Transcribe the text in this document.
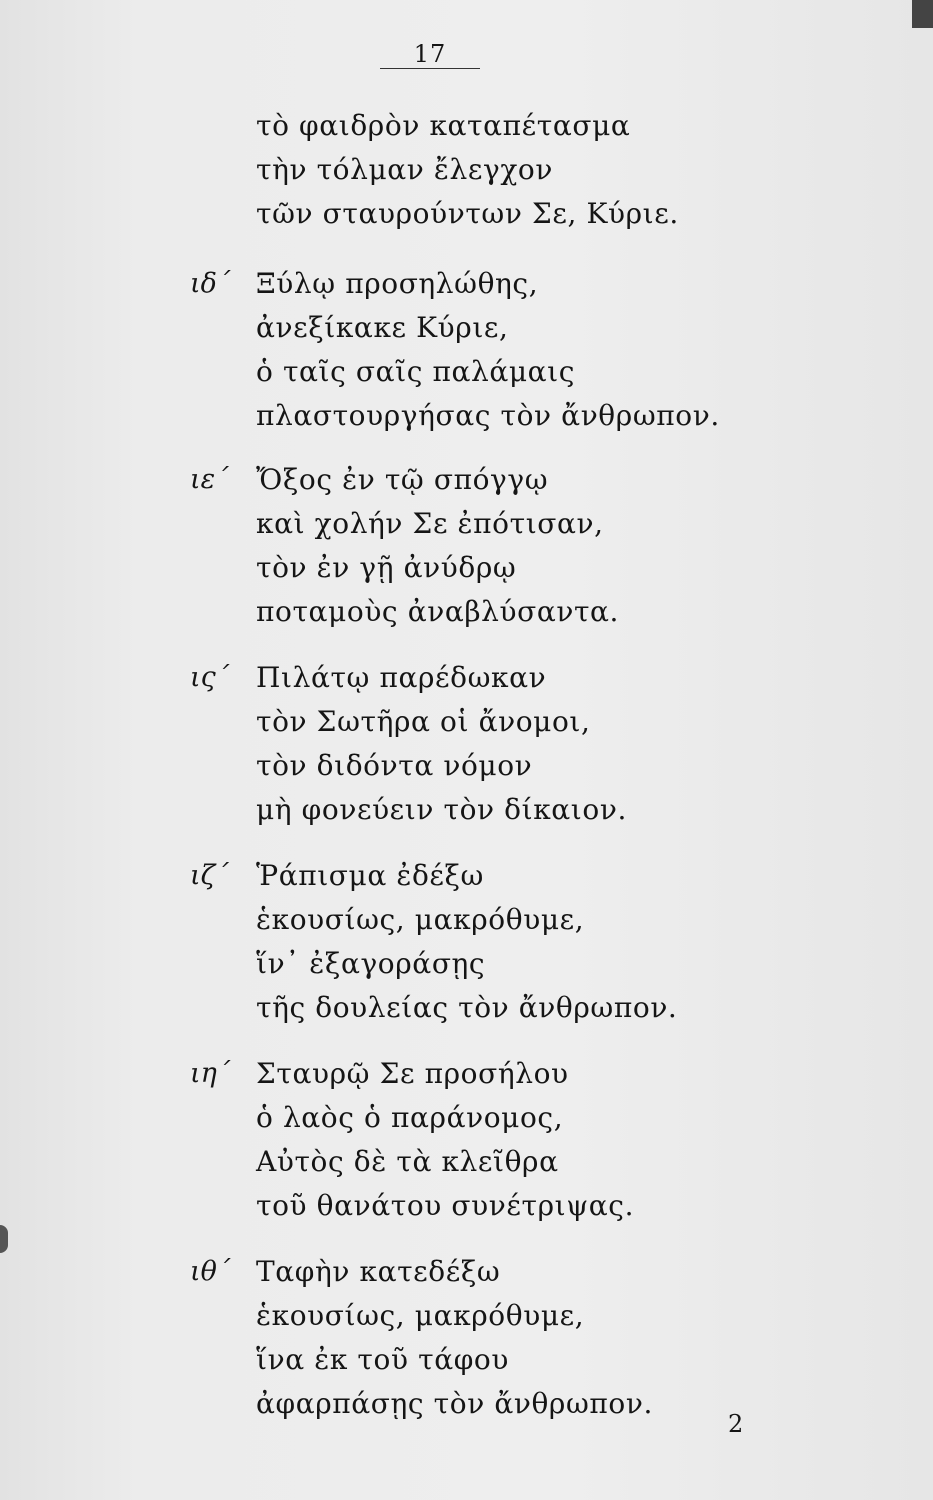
17
τὸ φαιδρὸν καταπέτασμα
τὴν τόλμαν ἔλεγχον
τῶν σταυρούντων Σε, Κύριε.
ιδ΄ Ξύλῳ προσηλώθης,
ἀνεξίκακε Κύριε,
ὁ ταῖς σαῖς παλάμαις
πλαστουργήσας τὸν ἄνθρωπον.
ιε΄ Ὄξος ἐν τῷ σπόγγῳ
καὶ χολήν Σε ἐπότισαν,
τὸν ἐν γῇ ἀνύδρῳ
ποταμοὺς ἀναβλύσαντα.
ις΄ Πιλάτῳ παρέδωκαν
τὸν Σωτῆρα οἱ ἄνομοι,
τὸν διδόντα νόμον
μὴ φονεύειν τὸν δίκαιον.
ιζ΄ Ῥάπισμα ἐδέξω
ἑκουσίως, μακρόθυμε,
ἵν᾽ ἐξαγοράσῃς
τῆς δουλείας τὸν ἄνθρωπον.
ιη΄ Σταυρῷ Σε προσήλου
ὁ λαὸς ὁ παράνομος,
Αὐτὸς δὲ τὰ κλεῖθρα
τοῦ θανάτου συνέτριψας.
ιθ΄ Ταφὴν κατεδέξω
ἑκουσίως, μακρόθυμε,
ἵνα ἐκ τοῦ τάφου
ἀφαρπάσῃς τὸν ἄνθρωπον.
2
